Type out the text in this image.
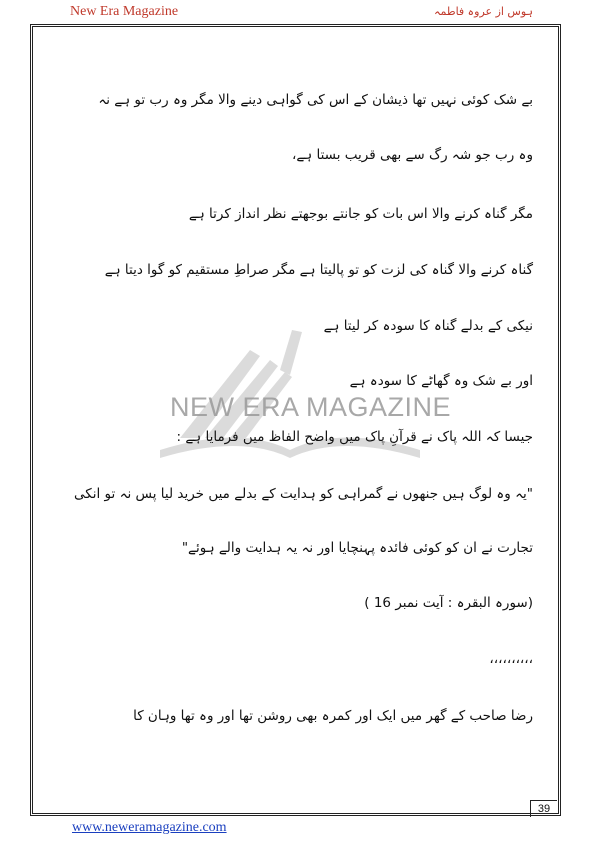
New Era Magazine	ہوس از عروہ فاطمہ
NEW ERA MAGAZINE
بے شک کوئی نہیں تھا ذیشان کے اس کی گواہی دینے والا مگر وہ رب تو ہے نہ
وہ رب جو شہ رگ سے بھی قریب بستا ہے،
مگر گناہ کرنے والا اس بات کو جانتے بوجھتے نظر انداز کرتا ہے
گناہ کرنے والا گناہ کی لزت کو تو پالیتا ہے مگر صراطِ مستقیم کو گوا دیتا ہے
نیکی کے بدلے گناہ کا سودہ کر لیتا ہے
اور بے شک وہ گھاٹے کا سودہ ہے
جیسا کہ اللہ پاک نے قرآنِ پاک میں واضح الفاظ میں فرمایا ہے :
"یہ وہ لوگ ہیں جنھوں نے گمراہی کو ہدایت کے بدلے میں خرید لیا پس نہ تو انکی
تجارت نے ان کو کوئی فائدہ پہنچایا اور نہ یہ ہدایت والے ہوئے"
(سورہ البقرہ : آیت نمبر 16 )
،،،،،،،،،،
رضا صاحب کے گھر میں ایک اور کمرہ بھی روشن تھا اور وہ تھا وہان کا
39
www.neweramagazine.com
